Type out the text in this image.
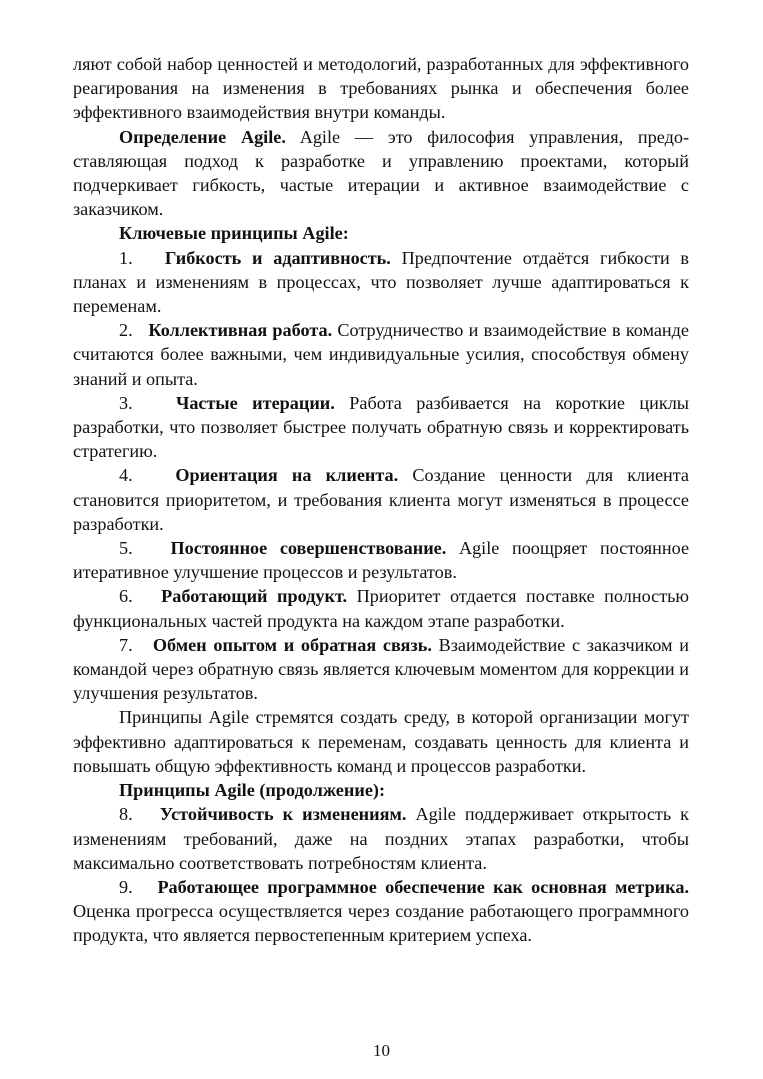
ляют собой набор ценностей и методологий, разработанных для эффективного реагирования на изменения в требованиях рынка и обеспечения более эффективного взаимодействия внутри команды.

Определение Agile. Agile — это философия управления, предоставляющая подход к разработке и управлению проектами, который подчеркивает гибкость, частые итерации и активное взаимодействие с заказчиком.

Ключевые принципы Agile:

1. Гибкость и адаптивность. Предпочтение отдаётся гибкости в планах и изменениям в процессах, что позволяет лучше адаптироваться к переменам.

2. Коллективная работа. Сотрудничество и взаимодействие в команде считаются более важными, чем индивидуальные усилия, способствуя обмену знаний и опыта.

3. Частые итерации. Работа разбивается на короткие циклы разработки, что позволяет быстрее получать обратную связь и корректировать стратегию.

4. Ориентация на клиента. Создание ценности для клиента становится приоритетом, и требования клиента могут изменяться в процессе разработки.

5. Постоянное совершенствование. Agile поощряет постоянное итеративное улучшение процессов и результатов.

6. Работающий продукт. Приоритет отдается поставке полностью функциональных частей продукта на каждом этапе разработки.

7. Обмен опытом и обратная связь. Взаимодействие с заказчиком и командой через обратную связь является ключевым моментом для коррекции и улучшения результатов.

Принципы Agile стремятся создать среду, в которой организации могут эффективно адаптироваться к переменам, создавать ценность для клиента и повышать общую эффективность команд и процессов разработки.

Принципы Agile (продолжение):

8. Устойчивость к изменениям. Agile поддерживает открытость к изменениям требований, даже на поздних этапах разработки, чтобы максимально соответствовать потребностям клиента.

9. Работающее программное обеспечение как основная метрика. Оценка прогресса осуществляется через создание работающего программного продукта, что является первостепенным критерием успеха.

10
